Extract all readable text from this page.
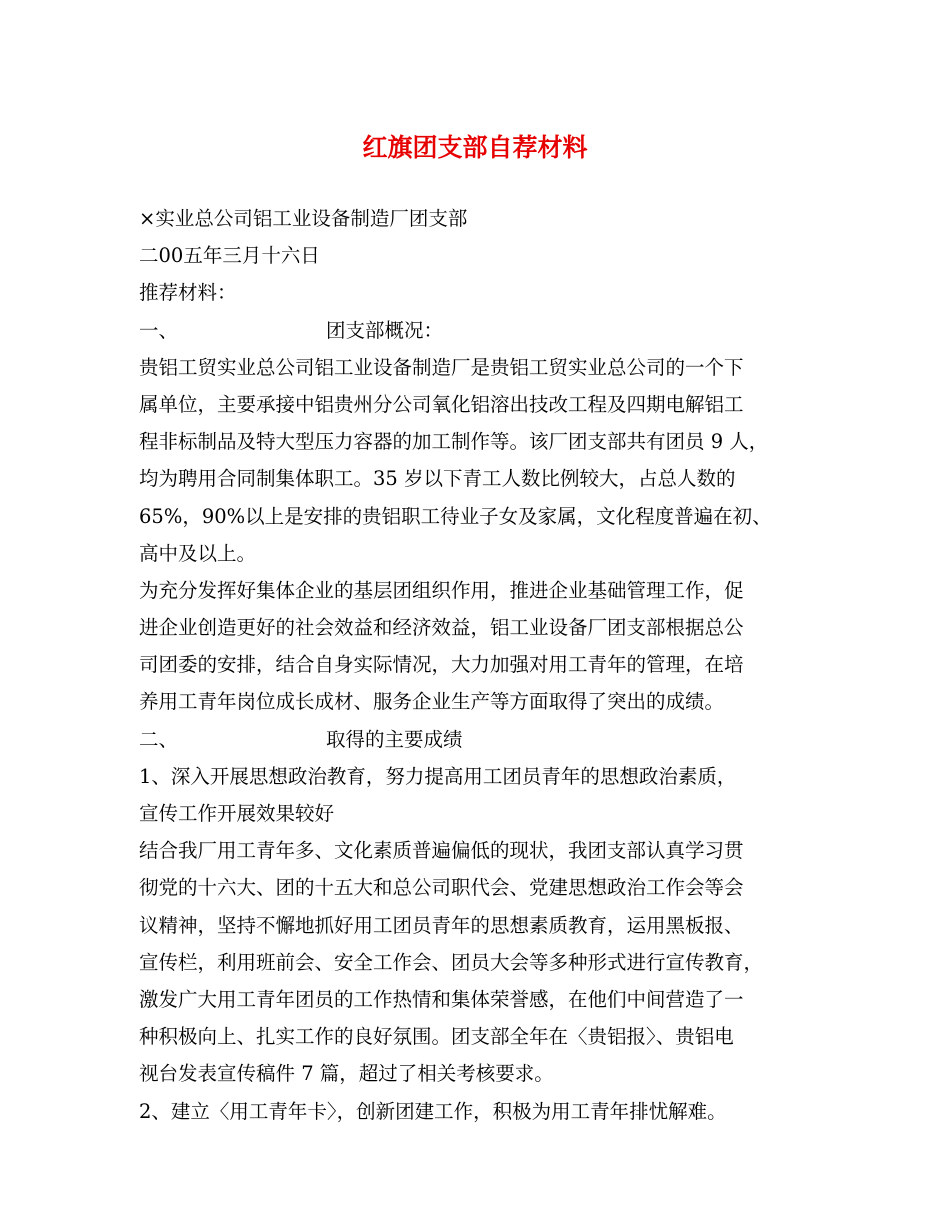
红旗团支部自荐材料
×实业总公司铝工业设备制造厂团支部
二00五年三月十六日
推荐材料：
一、	团支部概况：
贵铝工贸实业总公司铝工业设备制造厂是贵铝工贸实业总公司的一个下
属单位，主要承接中铝贵州分公司氧化铝溶出技改工程及四期电解铝工
程非标制品及特大型压力容器的加工制作等。该厂团支部共有团员 9 人，
均为聘用合同制集体职工。35 岁以下青工人数比例较大，占总人数的
65%，90%以上是安排的贵铝职工待业子女及家属，文化程度普遍在初、
高中及以上。
为充分发挥好集体企业的基层团组织作用，推进企业基础管理工作，促
进企业创造更好的社会效益和经济效益，铝工业设备厂团支部根据总公
司团委的安排，结合自身实际情况，大力加强对用工青年的管理，在培
养用工青年岗位成长成材、服务企业生产等方面取得了突出的成绩。
二、	取得的主要成绩
1、深入开展思想政治教育，努力提高用工团员青年的思想政治素质，
宣传工作开展效果较好
结合我厂用工青年多、文化素质普遍偏低的现状，我团支部认真学习贯
彻党的十六大、团的十五大和总公司职代会、党建思想政治工作会等会
议精神，坚持不懈地抓好用工团员青年的思想素质教育，运用黑板报、
宣传栏，利用班前会、安全工作会、团员大会等多种形式进行宣传教育，
激发广大用工青年团员的工作热情和集体荣誉感，在他们中间营造了一
种积极向上、扎实工作的良好氛围。团支部全年在〈贵铝报〉、贵铝电
视台发表宣传稿件 7 篇，超过了相关考核要求。
2、建立〈用工青年卡〉，创新团建工作，积极为用工青年排忧解难。
